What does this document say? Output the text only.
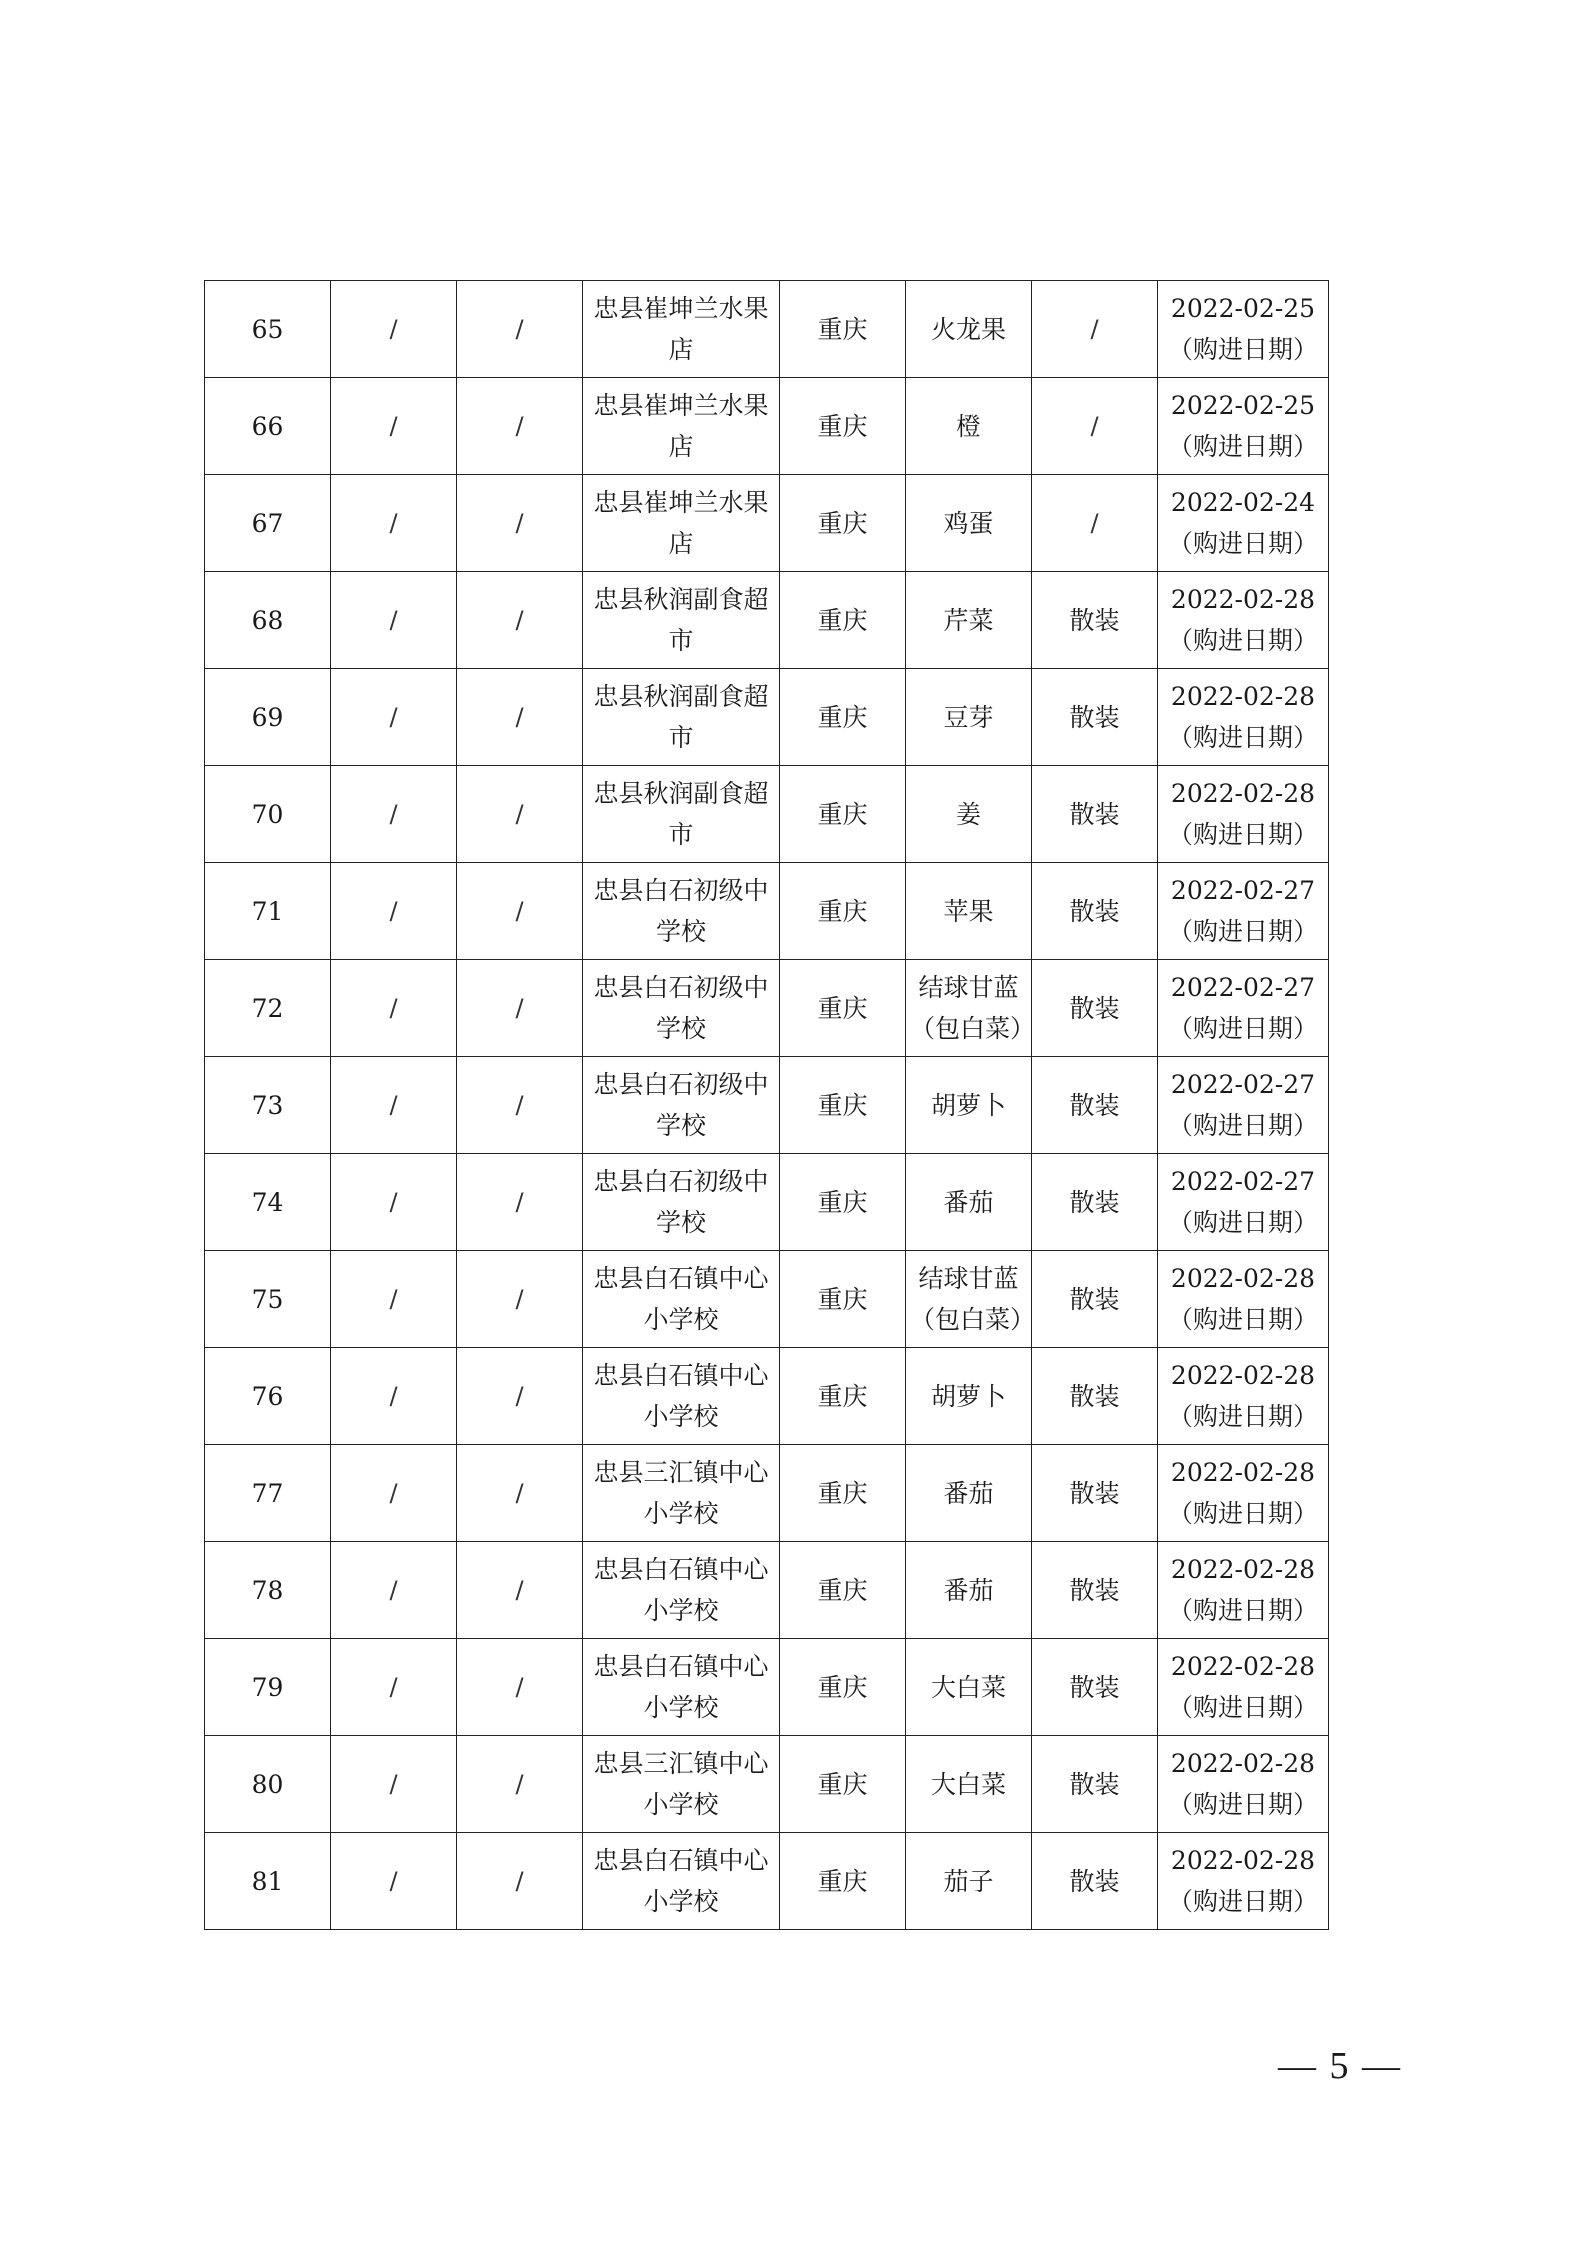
65	/	/	忠县崔坤兰水果
店	重庆	火龙果	/	2022-02-25
（购进日期）

66	/	/	忠县崔坤兰水果
店	重庆	橙	/	2022-02-25
（购进日期）

67	/	/	忠县崔坤兰水果
店	重庆	鸡蛋	/	2022-02-24
（购进日期）

68	/	/	忠县秋润副食超
市	重庆	芹菜	散装	2022-02-28
（购进日期）

69	/	/	忠县秋润副食超
市	重庆	豆芽	散装	2022-02-28
（购进日期）

70	/	/	忠县秋润副食超
市	重庆	姜	散装	2022-02-28
（购进日期）

71	/	/	忠县白石初级中
学校	重庆	苹果	散装	2022-02-27
（购进日期）

72	/	/	忠县白石初级中
学校	重庆	结球甘蓝
（包白菜）	散装	2022-02-27
（购进日期）

73	/	/	忠县白石初级中
学校	重庆	胡萝卜	散装	2022-02-27
（购进日期）

74	/	/	忠县白石初级中
学校	重庆	番茄	散装	2022-02-27
（购进日期）

75	/	/	忠县白石镇中心
小学校	重庆	结球甘蓝
（包白菜）	散装	2022-02-28
（购进日期）

76	/	/	忠县白石镇中心
小学校	重庆	胡萝卜	散装	2022-02-28
（购进日期）

77	/	/	忠县三汇镇中心
小学校	重庆	番茄	散装	2022-02-28
（购进日期）

78	/	/	忠县白石镇中心
小学校	重庆	番茄	散装	2022-02-28
（购进日期）

79	/	/	忠县白石镇中心
小学校	重庆	大白菜	散装	2022-02-28
（购进日期）

80	/	/	忠县三汇镇中心
小学校	重庆	大白菜	散装	2022-02-28
（购进日期）

81	/	/	忠县白石镇中心
小学校	重庆	茄子	散装	2022-02-28
（购进日期）
— 5 —
